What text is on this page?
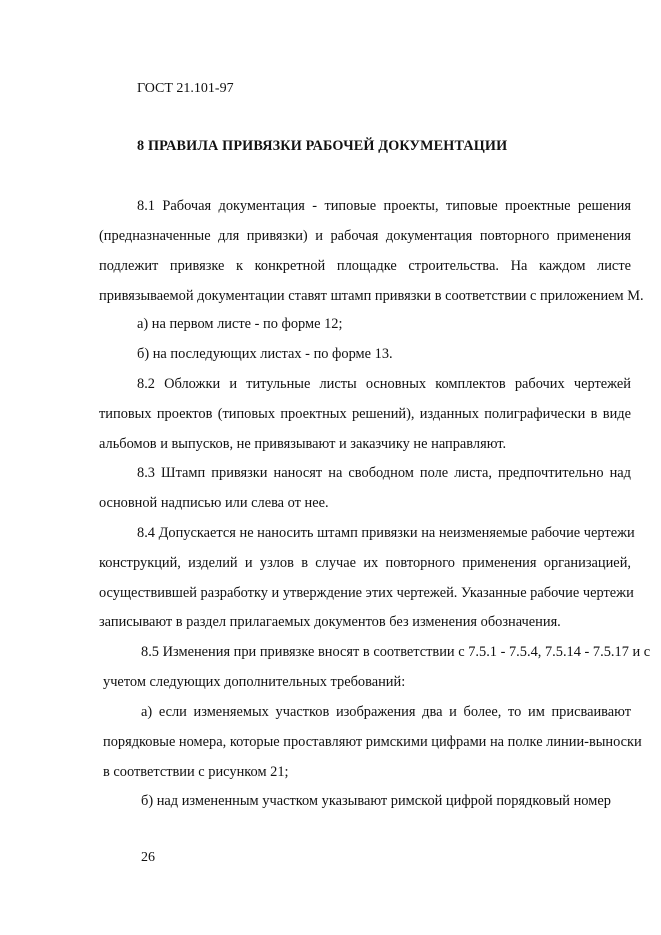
ГОСТ 21.101-97
8 ПРАВИЛА ПРИВЯЗКИ РАБОЧЕЙ ДОКУМЕНТАЦИИ
8.1 Рабочая документация - типовые проекты, типовые проектные решения
(предназначенные для привязки) и рабочая документация повторного применения
подлежит привязке к конкретной площадке строительства. На каждом листе
привязываемой документации ставят штамп привязки в соответствии с приложением М.
а) на первом листе - по форме 12;
б) на последующих листах - по форме 13.
8.2 Обложки и титульные листы основных комплектов рабочих чертежей
типовых проектов (типовых проектных решений), изданных полиграфически в виде
альбомов и выпусков, не привязывают и заказчику не направляют.
8.3 Штамп привязки наносят на свободном поле листа, предпочтительно над
основной надписью или слева от нее.
8.4 Допускается не наносить штамп привязки на неизменяемые рабочие чертежи
конструкций, изделий и узлов в случае их повторного применения организацией,
осуществившей разработку и утверждение этих чертежей. Указанные рабочие чертежи
записывают в раздел прилагаемых документов без изменения обозначения.
8.5 Изменения при привязке вносят в соответствии с 7.5.1 - 7.5.4, 7.5.14 - 7.5.17 и с
учетом следующих дополнительных требований:
а) если изменяемых участков изображения два и более, то им присваивают
порядковые номера, которые проставляют римскими цифрами на полке линии-выноски
в соответствии с рисунком 21;
б) над измененным участком указывают римской цифрой порядковый номер
26
